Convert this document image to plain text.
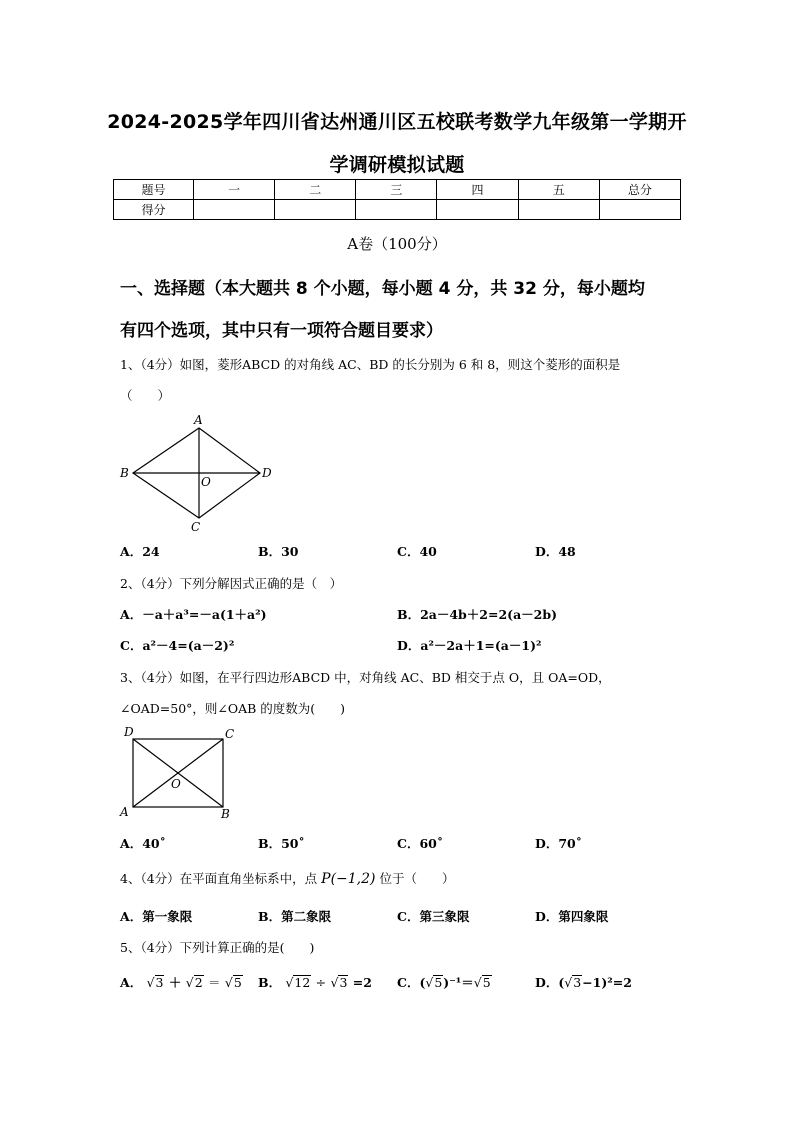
2024-2025学年四川省达州通川区五校联考数学九年级第一学期开
学调研模拟试题
题号	一	二	三	四	五	总分
得分						
A卷（100分）
一、选择题（本大题共 8 个小题，每小题 4 分，共 32 分，每小题均
有四个选项，其中只有一项符合题目要求）
1、（4分）如图，菱形ABCD 的对角线 AC、BD 的长分别为 6 和 8，则这个菱形的面积是
（　　）
A
B
C
D
O
A．24	B．30	C．40	D．48
2、（4分）下列分解因式正确的是（　）
A．－a＋a³=－a(1＋a²)	B．2a－4b＋2=2(a－2b)
C．a²－4=(a－2)²	D．a²－2a＋1=(a－1)²
3、（4分）如图，在平行四边形ABCD 中，对角线 AC、BD 相交于点 O，且 OA=OD，
∠OAD=50°，则∠OAB 的度数为(　　)
D	C
A	B
O
A．40˚	B．50˚	C．60˚	D．70˚
4、（4分）在平面直角坐标系中，点 P(−1,2) 位于（　　）
A．第一象限	B．第二象限	C．第三象限	D．第四象限
5、（4分）下列计算正确的是(　　)
A． √3 ＋ √2 ＝ √5 B． √12 ÷ √3 =2 C．(√5)⁻¹＝√5	D．(√3−1)²=2
